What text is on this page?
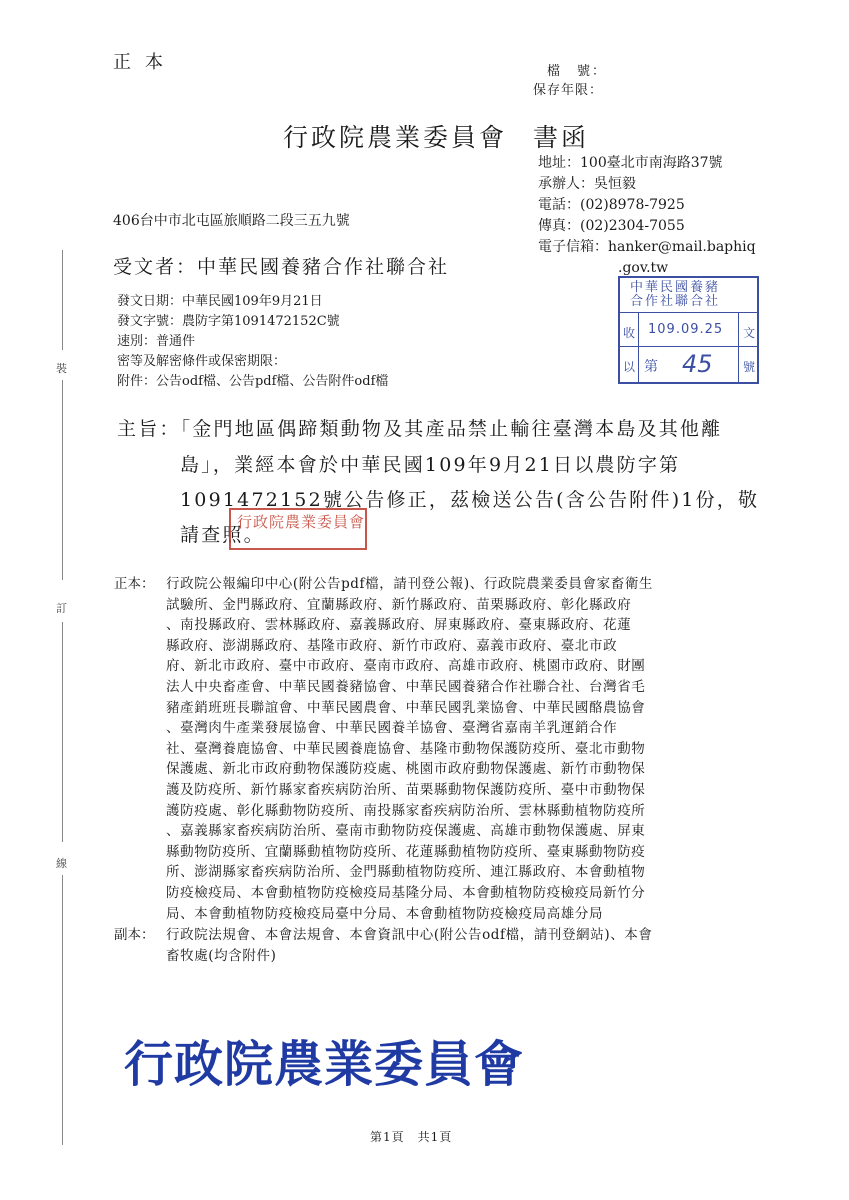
正本	檔　號：
保存年限：
行政院農業委員會 書函
地址：100臺北市南海路37號
承辦人：吳恒毅
電話：(02)8978-7925
傳真：(02)2304-7055
電子信箱：hanker@mail.baphiq
.gov.tw
406台中市北屯區旅順路二段三五九號
受文者：中華民國養豬合作社聯合社
發文日期：中華民國109年9月21日
發文字號：農防字第1091472152C號
速別：普通件
密等及解密條件或保密期限：
附件：公告odf檔、公告pdf檔、公告附件odf檔
主旨：「金門地區偶蹄類動物及其產品禁止輸往臺灣本島及其他離
島」，業經本會於中華民國109年9月21日以農防字第
1091472152號公告修正，茲檢送公告(含公告附件)1份，敬
請查照。
行政院農業委員會
中華民國養豬
合作社聯合社
收
以
109.09.25 文
號
第 45
正本： 行政院公報編印中心(附公告pdf檔，請刊登公報)、行政院農業委員會家畜衛生
試驗所、金門縣政府、宜蘭縣政府、新竹縣政府、苗栗縣政府、彰化縣政府
、南投縣政府、雲林縣政府、嘉義縣政府、屏東縣政府、臺東縣政府、花蓮
縣政府、澎湖縣政府、基隆市政府、新竹市政府、嘉義市政府、臺北市政
府、新北市政府、臺中市政府、臺南市政府、高雄市政府、桃園市政府、財團
法人中央畜產會、中華民國養豬協會、中華民國養豬合作社聯合社、台灣省毛
豬產銷班班長聯誼會、中華民國農會、中華民國乳業協會、中華民國酪農協會
、臺灣肉牛產業發展協會、中華民國養羊協會、臺灣省嘉南羊乳運銷合作
社、臺灣養鹿協會、中華民國養鹿協會、基隆市動物保護防疫所、臺北市動物
保護處、新北市政府動物保護防疫處、桃園市政府動物保護處、新竹市動物保
護及防疫所、新竹縣家畜疾病防治所、苗栗縣動物保護防疫所、臺中市動物保
護防疫處、彰化縣動物防疫所、南投縣家畜疾病防治所、雲林縣動植物防疫所
、嘉義縣家畜疾病防治所、臺南市動物防疫保護處、高雄市動物保護處、屏東
縣動物防疫所、宜蘭縣動植物防疫所、花蓮縣動植物防疫所、臺東縣動物防疫
所、澎湖縣家畜疾病防治所、金門縣動植物防疫所、連江縣政府、本會動植物
防疫檢疫局、本會動植物防疫檢疫局基隆分局、本會動植物防疫檢疫局新竹分
局、本會動植物防疫檢疫局臺中分局、本會動植物防疫檢疫局高雄分局
副本： 行政院法規會、本會法規會、本會資訊中心(附公告odf檔，請刊登網站)、本會
畜牧處(均含附件)
裝
訂
線
行政院農業委員會
第1頁　共1頁
